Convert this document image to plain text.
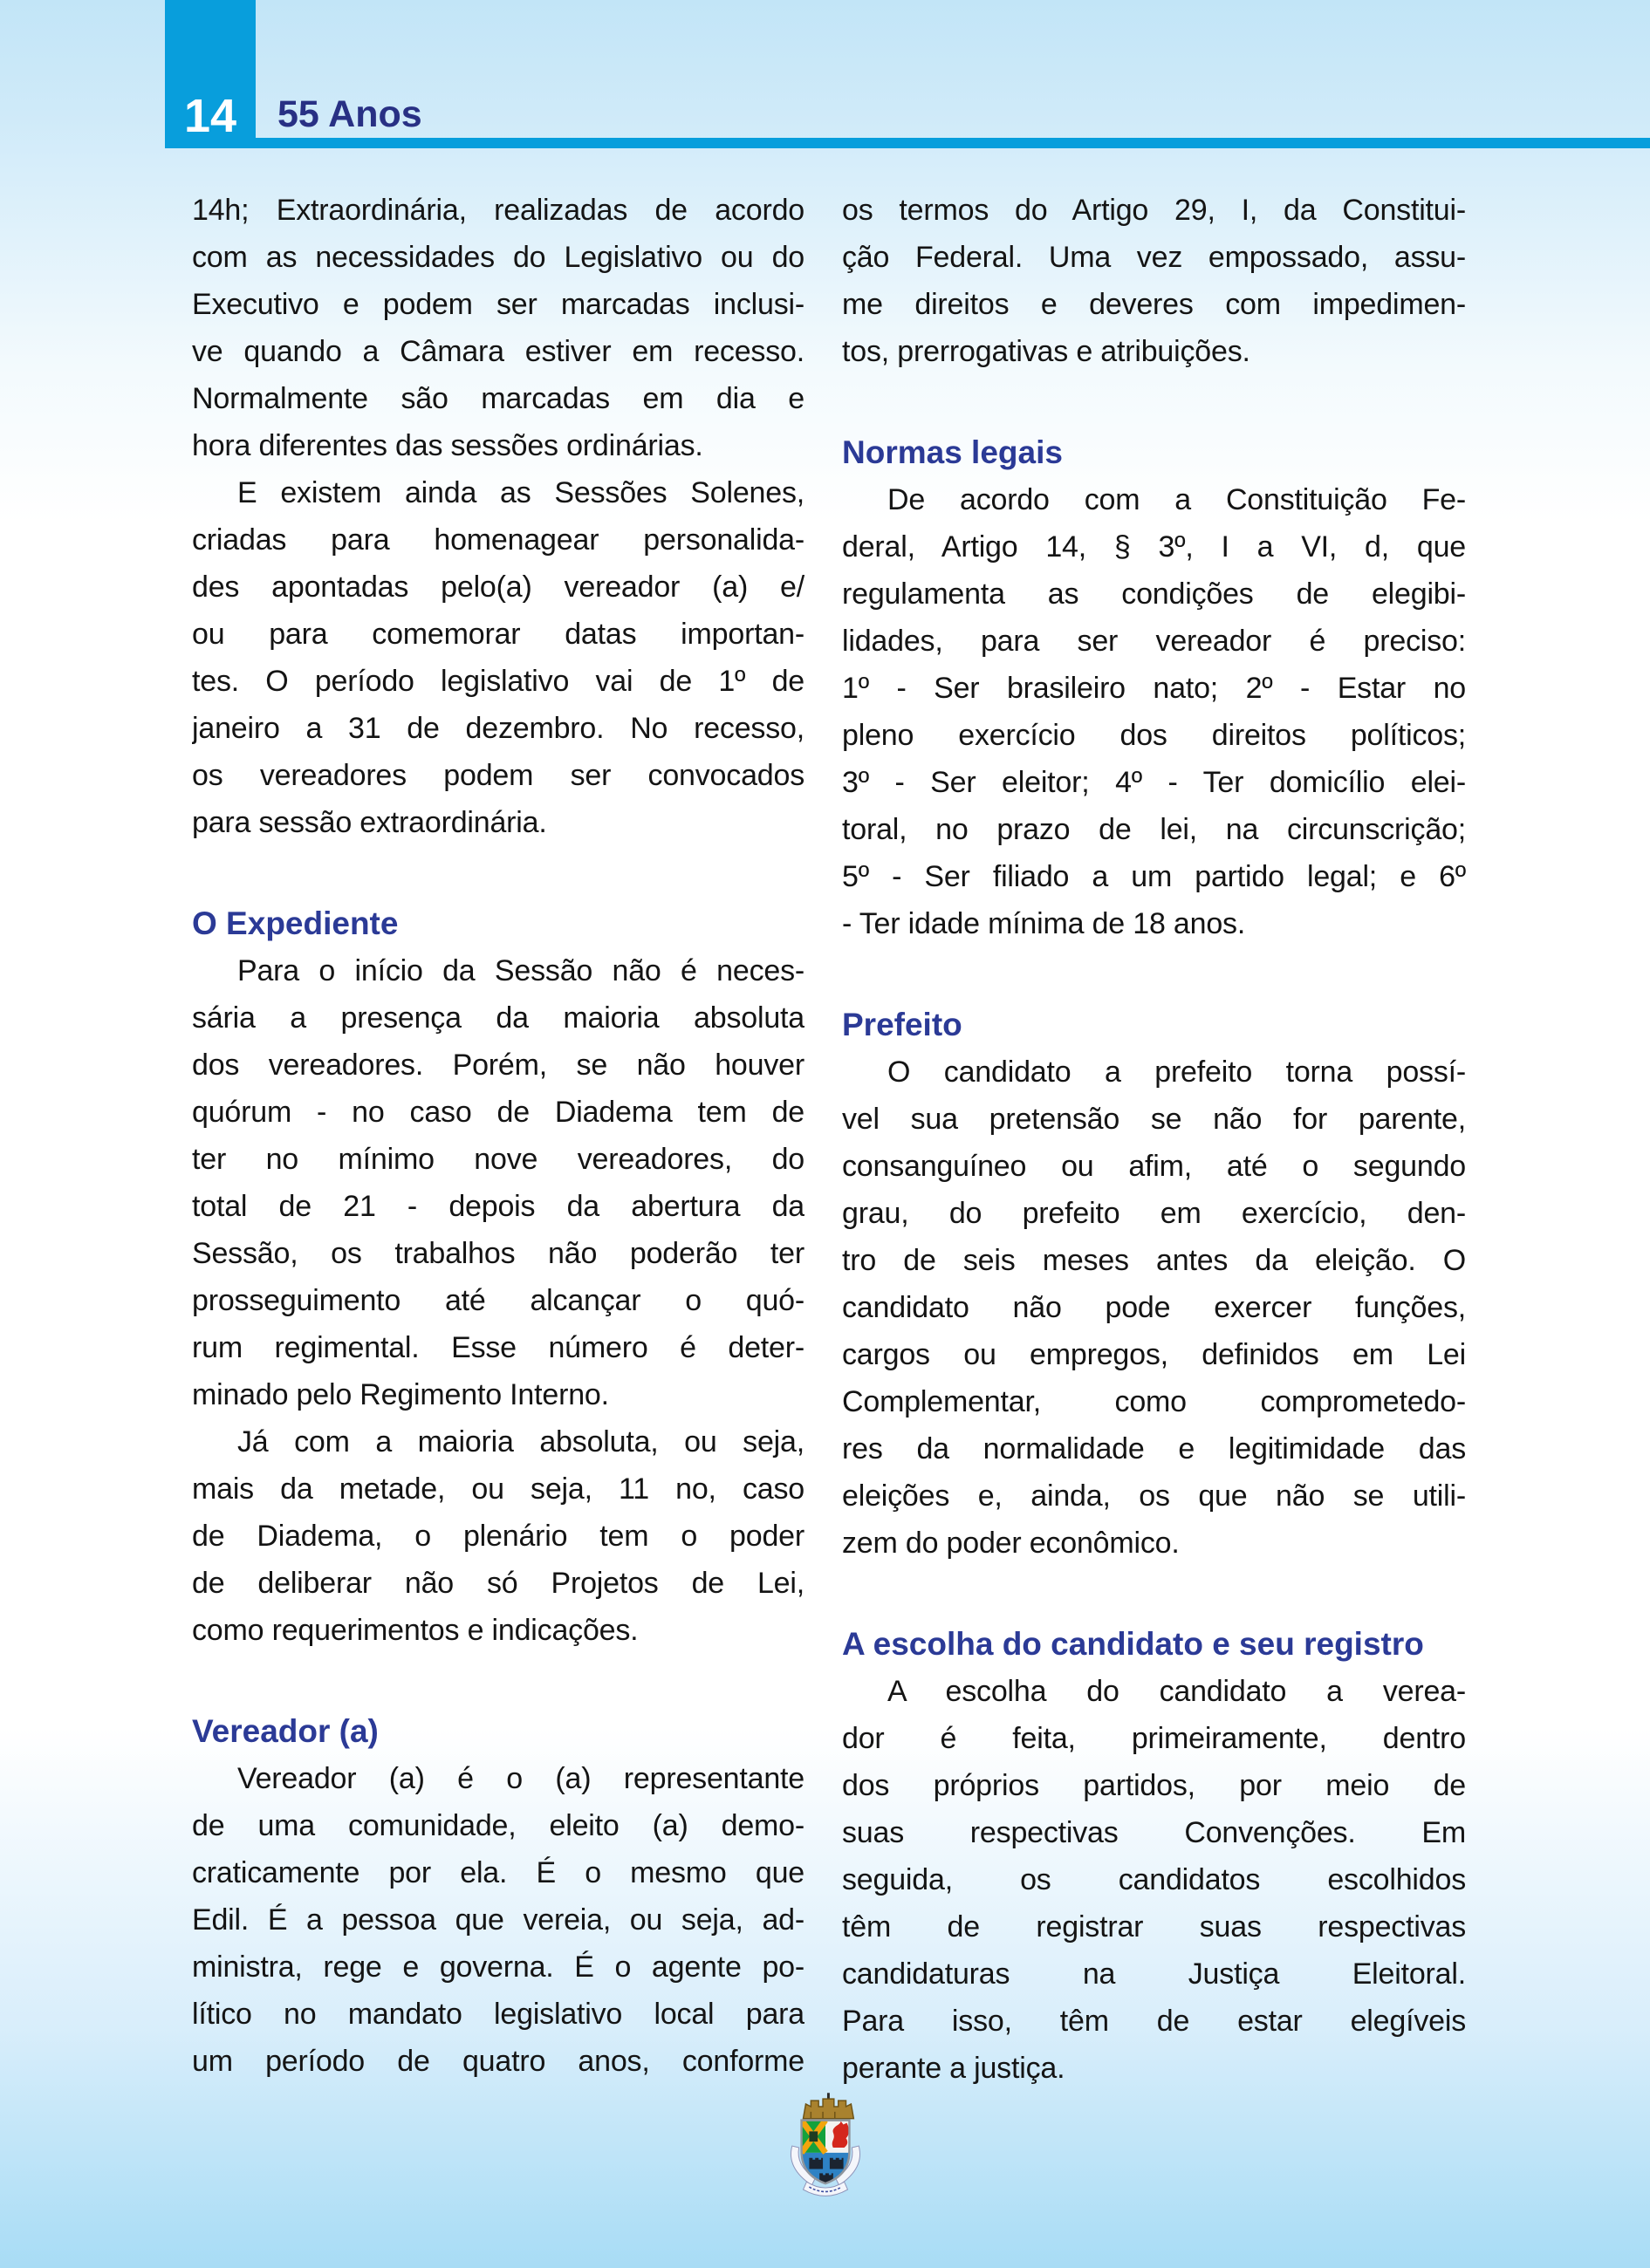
14 55 Anos
14h; Extraordinária, realizadas de acordo
com as necessidades do Legislativo ou do
Executivo e podem ser marcadas inclusi-
ve quando a Câmara estiver em recesso.
Normalmente são marcadas em dia e
hora diferentes das sessões ordinárias.
E existem ainda as Sessões Solenes,
criadas para homenagear personalida-
des apontadas pelo(a) vereador (a) e/
ou para comemorar datas importan-
tes. O período legislativo vai de 1º de
janeiro a 31 de dezembro. No recesso,
os vereadores podem ser convocados
para sessão extraordinária.
O Expediente
Para o início da Sessão não é neces-
sária a presença da maioria absoluta
dos vereadores. Porém, se não houver
quórum - no caso de Diadema tem de
ter no mínimo nove vereadores, do
total de 21 - depois da abertura da
Sessão, os trabalhos não poderão ter
prosseguimento até alcançar o quó-
rum regimental. Esse número é deter-
minado pelo Regimento Interno.
Já com a maioria absoluta, ou seja,
mais da metade, ou seja, 11 no, caso
de Diadema, o plenário tem o poder
de deliberar não só Projetos de Lei,
como requerimentos e indicações.
Vereador (a)
Vereador (a) é o (a) representante
de uma comunidade, eleito (a) demo-
craticamente por ela. É o mesmo que
Edil. É a pessoa que vereia, ou seja, ad-
ministra, rege e governa. É o agente po-
lítico no mandato legislativo local para
um período de quatro anos, conforme
os termos do Artigo 29, I, da Constitui-
ção Federal. Uma vez empossado, assu-
me direitos e deveres com impedimen-
tos, prerrogativas e atribuições.
Normas legais
De acordo com a Constituição Fe-
deral, Artigo 14, § 3º, I a VI, d, que
regulamenta as condições de elegibi-
lidades, para ser vereador é preciso:
1º - Ser brasileiro nato; 2º - Estar no
pleno exercício dos direitos políticos;
3º - Ser eleitor; 4º - Ter domicílio elei-
toral, no prazo de lei, na circunscrição;
5º - Ser filiado a um partido legal; e 6º
- Ter idade mínima de 18 anos.
Prefeito
O candidato a prefeito torna possí-
vel sua pretensão se não for parente,
consanguíneo ou afim, até o segundo
grau, do prefeito em exercício, den-
tro de seis meses antes da eleição. O
candidato não pode exercer funções,
cargos ou empregos, definidos em Lei
Complementar, como comprometedo-
res da normalidade e legitimidade das
eleições e, ainda, os que não se utili-
zem do poder econômico.
A escolha do candidato e seu registro
A escolha do candidato a verea-
dor é feita, primeiramente, dentro
dos próprios partidos, por meio de
suas respectivas Convenções. Em
seguida, os candidatos escolhidos
têm de registrar suas respectivas
candidaturas na Justiça Eleitoral.
Para isso, têm de estar elegíveis
perante a justiça.
